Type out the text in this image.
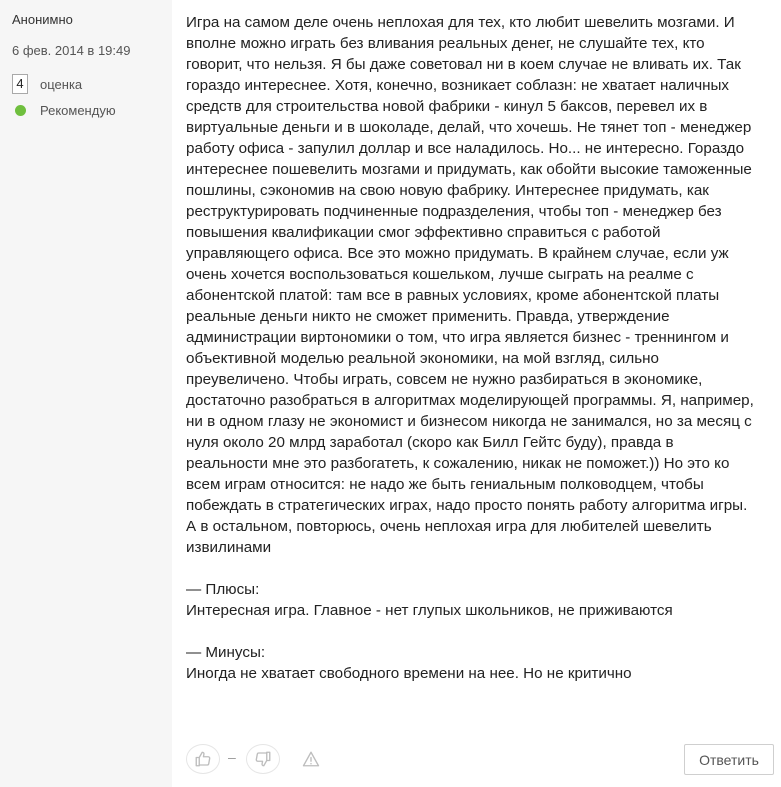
Анонимно
6 фев. 2014 в 19:49
4	оценка
Рекомендую

Игра на самом деле очень неплохая для тех, кто любит шевелить мозгами. И вполне можно играть без вливания реальных денег, не слушайте тех, кто говорит, что нельзя. Я бы даже советовал ни в коем случае не вливать их. Так гораздо интереснее. Хотя, конечно, возникает соблазн: не хватает наличных средств для строительства новой фабрики - кинул 5 баксов, перевел их в виртуальные деньги и в шоколаде, делай, что хочешь. Не тянет топ - менеджер работу офиса - запулил доллар и все наладилось. Но... не интересно. Гораздо интереснее пошевелить мозгами и придумать, как обойти высокие таможенные пошлины, сэкономив на свою новую фабрику. Интереснее придумать, как реструктурировать подчиненные подразделения, чтобы топ - менеджер без повышения квалификации смог эффективно справиться с работой управляющего офиса. Все это можно придумать. В крайнем случае, если уж очень хочется воспользоваться кошельком, лучше сыграть на реалме с абонентской платой: там все в равных условиях, кроме абонентской платы реальные деньги никто не сможет применить. Правда, утверждение администрации виртономики о том, что игра является бизнес - треннингом и объективной моделью реальной экономики, на мой взгляд, сильно преувеличено. Чтобы играть, совсем не нужно разбираться в экономике, достаточно разобраться в алгоритмах моделирующей программы. Я, например, ни в одном глазу не экономист и бизнесом никогда не занимался, но за месяц с нуля около 20 млрд заработал (скоро как Билл Гейтс буду), правда в реальности мне это разбогатеть, к сожалению, никак не поможет.)) Но это ко всем играм относится: не надо же быть гениальным полководцем, чтобы побеждать в стратегических играх, надо просто понять работу алгоритма игры. А в остальном, повторюсь, очень неплохая игра для любителей шевелить извилинами

— Плюсы:

Интересная игра. Главное - нет глупых школьников, не приживаются

— Минусы:

Иногда не хватает свободного времени на нее. Но не критично

–	Ответить
